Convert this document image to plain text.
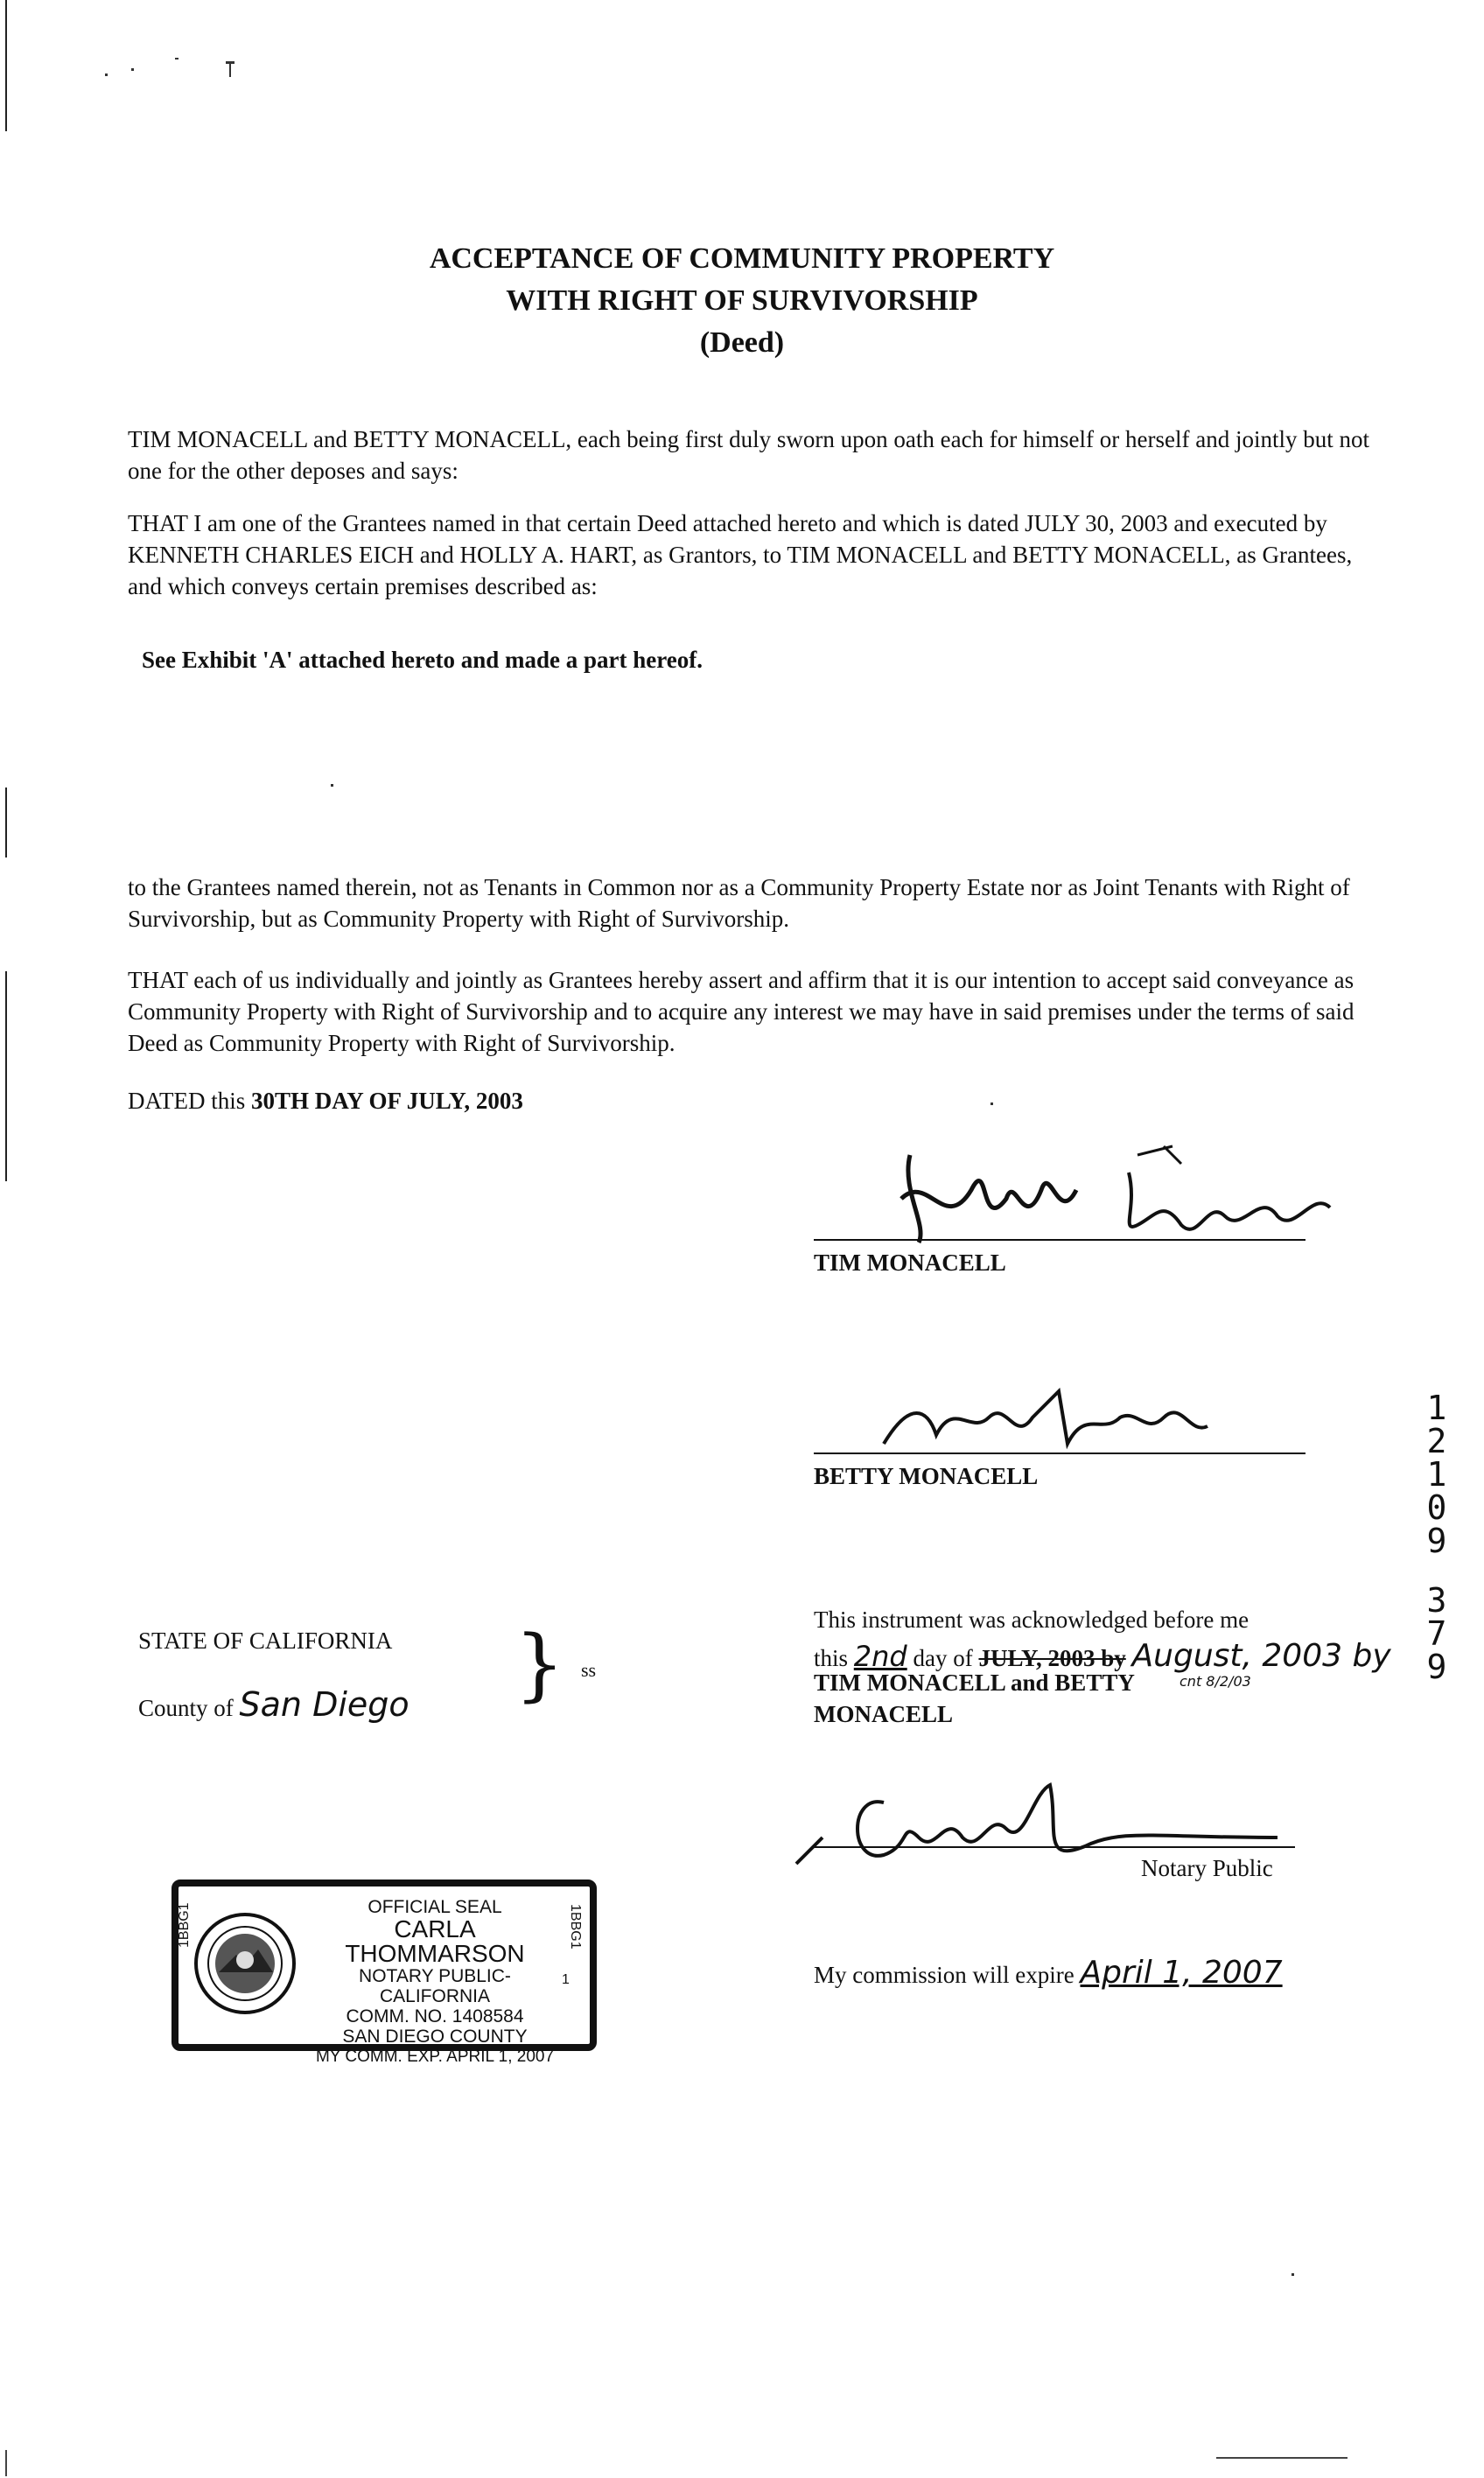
ACCEPTANCE OF COMMUNITY PROPERTY
WITH RIGHT OF SURVIVORSHIP
(Deed)
TIM MONACELL and BETTY MONACELL, each being first duly sworn upon oath each for himself or herself and jointly but not one for the other deposes and says:
THAT I am one of the Grantees named in that certain Deed attached hereto and which is dated JULY 30, 2003 and executed by KENNETH CHARLES EICH and HOLLY A. HART, as Grantors, to TIM MONACELL and BETTY MONACELL, as Grantees, and which conveys certain premises described as:
See Exhibit 'A' attached hereto and made a part hereof.
to the Grantees named therein, not as Tenants in Common nor as a Community Property Estate nor as Joint Tenants with Right of Survivorship, but as Community Property with Right of Survivorship.
THAT each of us individually and jointly as Grantees hereby assert and affirm that it is our intention to accept said conveyance as Community Property with Right of Survivorship and to acquire any interest we may have in said premises under the terms of said Deed as Community Property with Right of Survivorship.
DATED this 30TH DAY OF JULY, 2003
TIM MONACELL
BETTY MONACELL
1
2
1
0
9
3
7
9
STATE OF CALIFORNIA
County of San Diego } ss
This instrument was acknowledged before me
this 2nd day of JULY, 2003 by August, 2003 by
TIM MONACELL and BETTY	cnt 8/2/03
MONACELL
Notary Public
My commission will expire April 1, 2007
1BBG1	1BBG1
1
OFFICIAL SEAL
CARLA THOMMARSON
NOTARY PUBLIC-CALIFORNIA
COMM. NO. 1408584
SAN DIEGO COUNTY
MY COMM. EXP. APRIL 1, 2007
